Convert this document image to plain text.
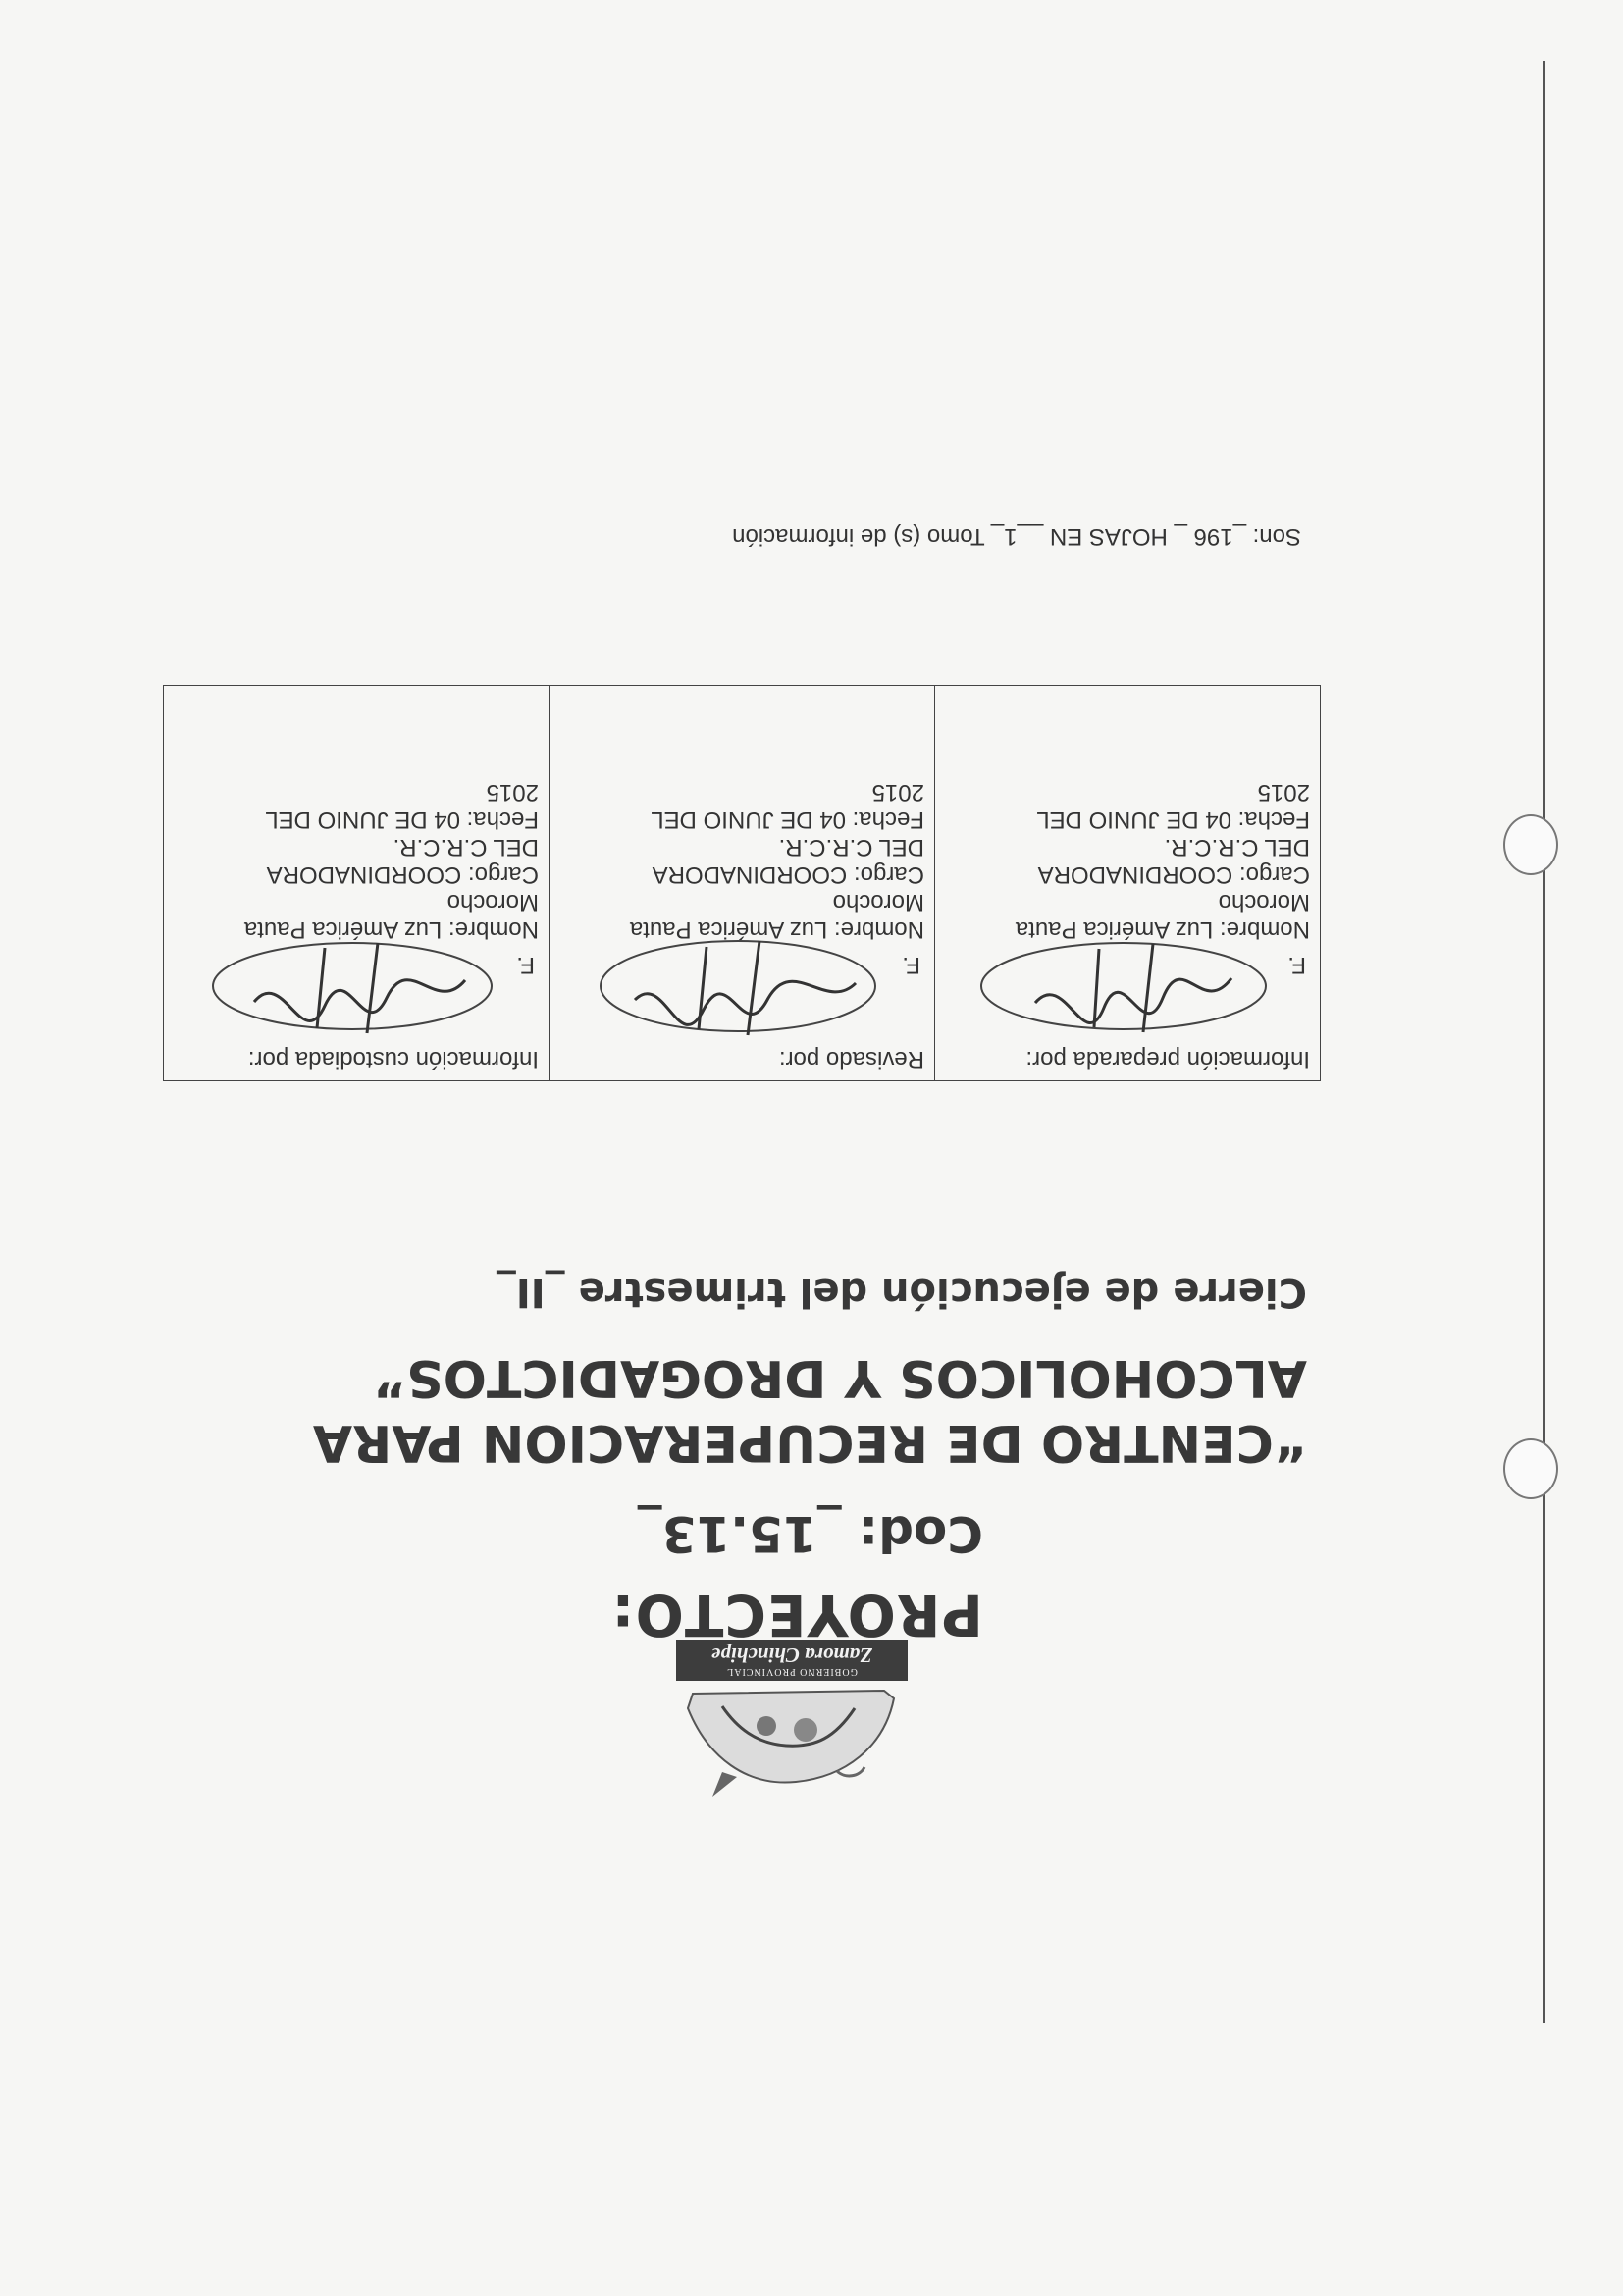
GOBIERNO PROVINCIAL
Zamora Chinchipe
PROYECTO:
Cod: _15.13_
“CENTRO DE RECUPERACION PARA
ALCOHOLICOS Y DROGADICTOS”
Cierre de ejecución del trimestre _II_
Información preparada por:
F.
Nombre: Luz América Pauta
Morocho
Cargo: COORDINADORA
DEL C.R.C.R.
Fecha: 04 DE JUNIO DEL
2015

Revisado por:
F.
Nombre: Luz América Pauta
Morocho
Cargo: COORDINADORA
DEL C.R.C.R.
Fecha: 04 DE JUNIO DEL
2015

Información custodiada por:
F.
Nombre: Luz América Pauta
Morocho
Cargo: COORDINADORA
DEL C.R.C.R.
Fecha: 04 DE JUNIO DEL
2015
Son: _196 _ HOJAS EN __1_ Tomo (s) de información
